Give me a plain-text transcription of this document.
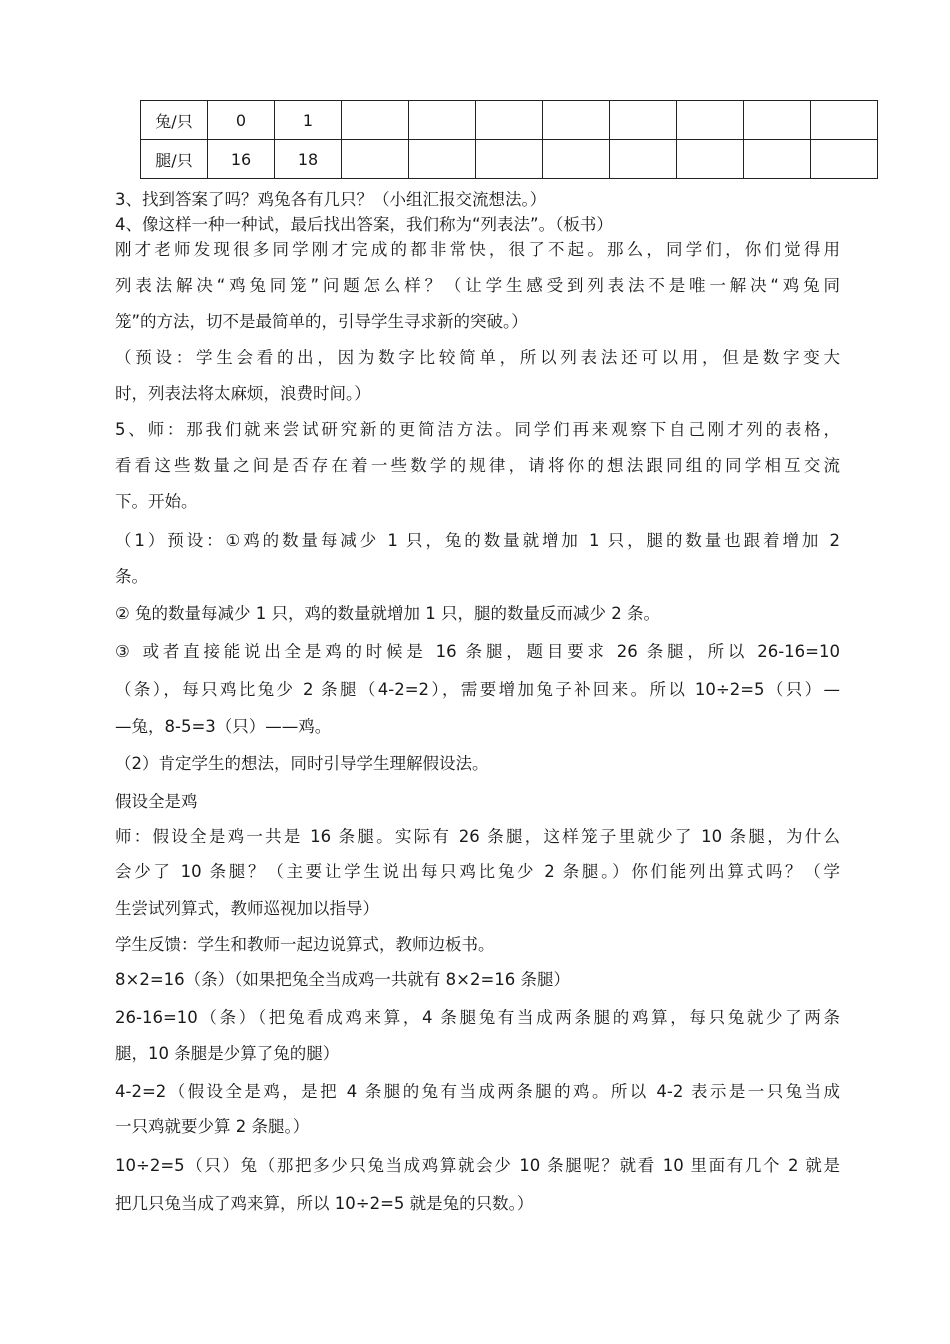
兔/只	0	1								
腿/只	16	18								
3、找到答案了吗？鸡兔各有几只？（小组汇报交流想法。）
4、像这样一种一种试，最后找出答案，我们称为“列表法”。（板书）
刚才老师发现很多同学刚才完成的都非常快，很了不起。那么，同学们，你们觉得用
列表法解决“鸡兔同笼”问题怎么样？（让学生感受到列表法不是唯一解决“鸡兔同
笼”的方法，切不是最简单的，引导学生寻求新的突破。）
（预设：学生会看的出，因为数字比较简单，所以列表法还可以用，但是数字变大
时，列表法将太麻烦，浪费时间。）
5、师：那我们就来尝试研究新的更简洁方法。同学们再来观察下自己刚才列的表格，
看看这些数量之间是否存在着一些数学的规律，请将你的想法跟同组的同学相互交流
下。开始。
（1）预设：①鸡的数量每减少 1 只，兔的数量就增加 1 只，腿的数量也跟着增加 2
条。
② 兔的数量每减少 1 只，鸡的数量就增加 1 只，腿的数量反而减少 2 条。
③ 或者直接能说出全是鸡的时候是 16 条腿，题目要求 26 条腿，所以 26-16=10
（条），每只鸡比兔少 2 条腿（4-2=2），需要增加兔子补回来。所以 10÷2=5（只）—
—兔，8-5=3（只）——鸡。
（2）肯定学生的想法，同时引导学生理解假设法。
假设全是鸡
师：假设全是鸡一共是 16 条腿。实际有 26 条腿，这样笼子里就少了 10 条腿，为什么
会少了 10 条腿？（主要让学生说出每只鸡比兔少 2 条腿。）你们能列出算式吗？（学
生尝试列算式，教师巡视加以指导）
学生反馈：学生和教师一起边说算式，教师边板书。
8×2=16（条）（如果把兔全当成鸡一共就有 8×2=16 条腿）
26-16=10（条）（把兔看成鸡来算，4 条腿兔有当成两条腿的鸡算，每只兔就少了两条
腿，10 条腿是少算了兔的腿）
4-2=2（假设全是鸡，是把 4 条腿的兔有当成两条腿的鸡。所以 4-2 表示是一只兔当成
一只鸡就要少算 2 条腿。）
10÷2=5（只）兔（那把多少只兔当成鸡算就会少 10 条腿呢？就看 10 里面有几个 2 就是
把几只兔当成了鸡来算，所以 10÷2=5 就是兔的只数。）
